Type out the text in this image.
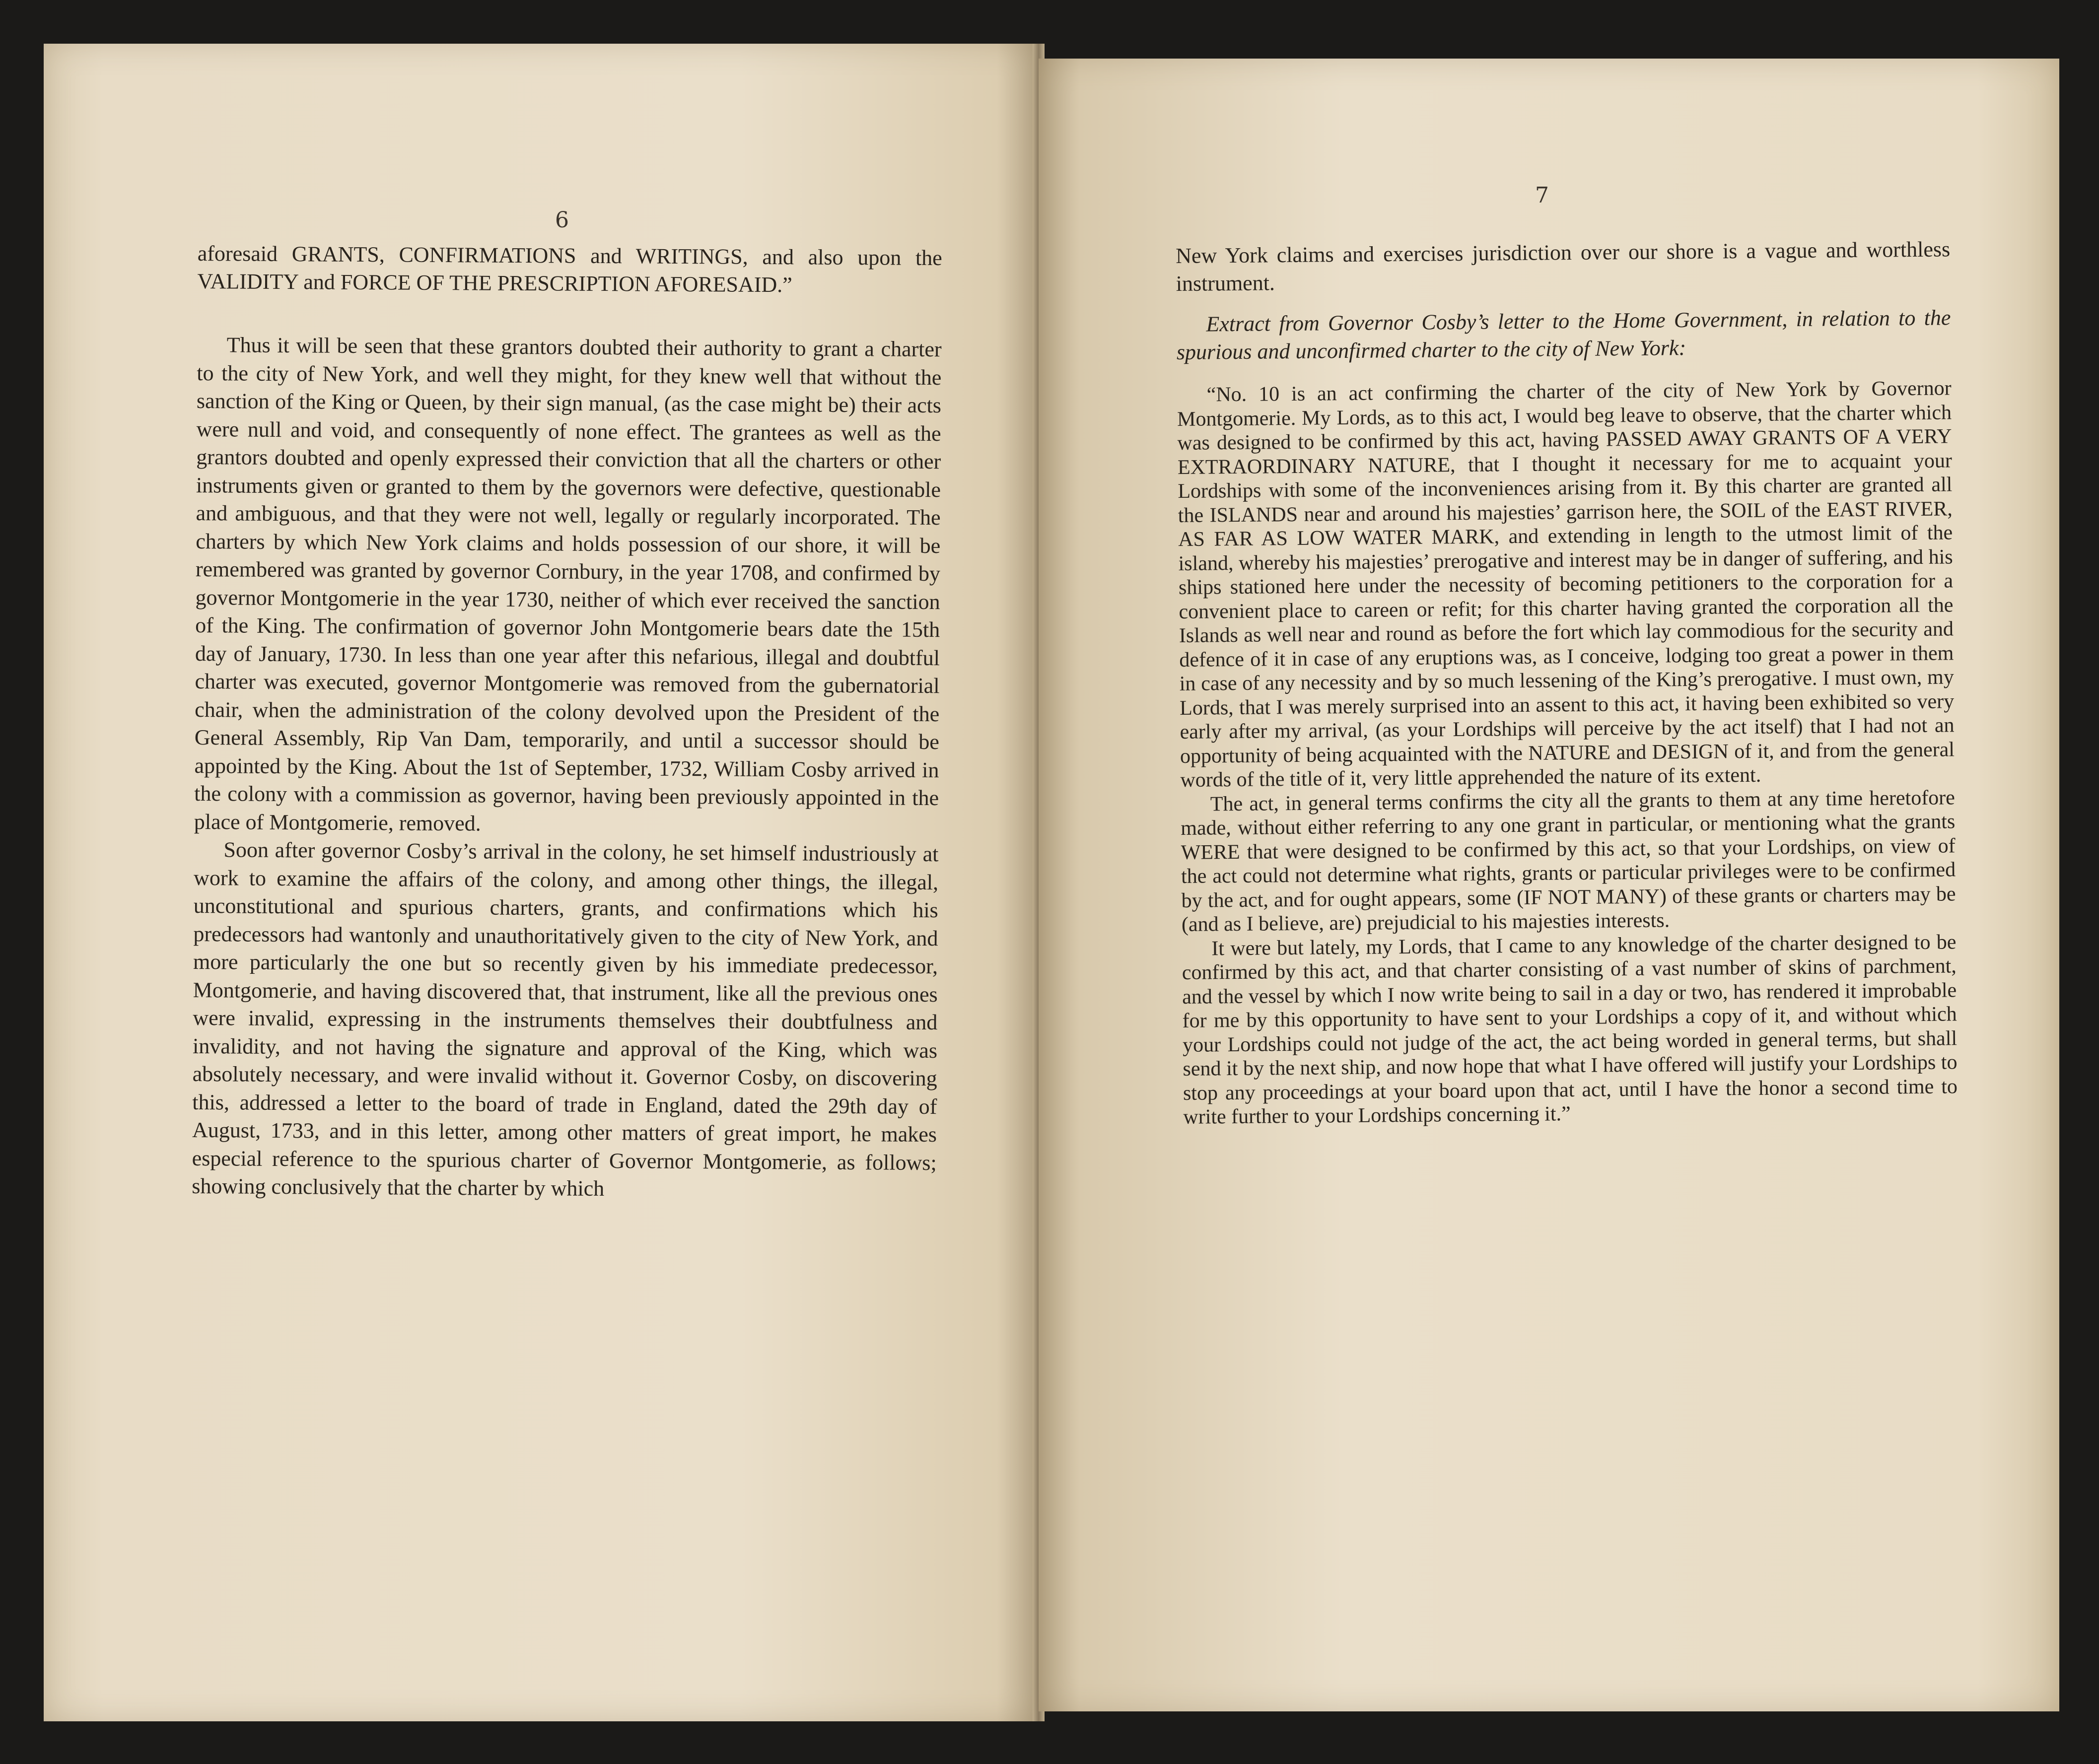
6

aforesaid GRANTS, CONFIRMATIONS and WRITINGS, and also upon the VALIDITY and FORCE OF THE PRESCRIPTION AFORESAID.”

Thus it will be seen that these grantors doubted their authority to grant a charter to the city of New York, and well they might, for they knew well that without the sanction of the King or Queen, by their sign manual, (as the case might be) their acts were null and void, and consequently of none effect. The grantees as well as the grantors doubted and openly expressed their conviction that all the charters or other instruments given or granted to them by the governors were defective, questionable and ambiguous, and that they were not well, legally or regularly incorporated. The charters by which New York claims and holds possession of our shore, it will be remembered was granted by governor Cornbury, in the year 1708, and confirmed by governor Montgomerie in the year 1730, neither of which ever received the sanction of the King. The confirmation of governor John Montgomerie bears date the 15th day of January, 1730. In less than one year after this nefarious, illegal and doubtful charter was executed, governor Montgomerie was removed from the gubernatorial chair, when the administration of the colony devolved upon the President of the General Assembly, Rip Van Dam, temporarily, and until a successor should be appointed by the King. About the 1st of September, 1732, William Cosby arrived in the colony with a commission as governor, having been previously appointed in the place of Montgomerie, removed.

Soon after governor Cosby’s arrival in the colony, he set himself industriously at work to examine the affairs of the colony, and among other things, the illegal, unconstitutional and spurious charters, grants, and confirmations which his predecessors had wantonly and unauthoritatively given to the city of New York, and more particularly the one but so recently given by his immediate predecessor, Montgomerie, and having discovered that, that instrument, like all the previous ones were invalid, expressing in the instruments themselves their doubtfulness and invalidity, and not having the signature and approval of the King, which was absolutely necessary, and were invalid without it. Governor Cosby, on discovering this, addressed a letter to the board of trade in England, dated the 29th day of August, 1733, and in this letter, among other matters of great import, he makes especial reference to the spurious charter of Governor Montgomerie, as follows; showing conclusively that the charter by which

7

New York claims and exercises jurisdiction over our shore is a vague and worthless instrument.

Extract from Governor Cosby’s letter to the Home Government, in relation to the spurious and unconfirmed charter to the city of New York:

“No. 10 is an act confirming the charter of the city of New York by Governor Montgomerie. My Lords, as to this act, I would beg leave to observe, that the charter which was designed to be confirmed by this act, having PASSED AWAY GRANTS OF A VERY EXTRAORDINARY NATURE, that I thought it necessary for me to acquaint your Lordships with some of the inconveniences arising from it. By this charter are granted all the ISLANDS near and around his majesties’ garrison here, the SOIL of the EAST RIVER, AS FAR AS LOW WATER MARK, and extending in length to the utmost limit of the island, whereby his majesties’ prerogative and interest may be in danger of suffering, and his ships stationed here under the necessity of becoming petitioners to the corporation for a convenient place to careen or refit; for this charter having granted the corporation all the Islands as well near and round as before the fort which lay commodious for the security and defence of it in case of any eruptions was, as I conceive, lodging too great a power in them in case of any necessity and by so much lessening of the King’s prerogative. I must own, my Lords, that I was merely surprised into an assent to this act, it having been exhibited so very early after my arrival, (as your Lordships will perceive by the act itself) that I had not an opportunity of being acquainted with the NATURE and DESIGN of it, and from the general words of the title of it, very little apprehended the nature of its extent.

The act, in general terms confirms the city all the grants to them at any time heretofore made, without either referring to any one grant in particular, or mentioning what the grants WERE that were designed to be confirmed by this act, so that your Lordships, on view of the act could not determine what rights, grants or particular privileges were to be confirmed by the act, and for ought appears, some (IF NOT MANY) of these grants or charters may be (and as I believe, are) prejudicial to his majesties interests.

It were but lately, my Lords, that I came to any knowledge of the charter designed to be confirmed by this act, and that charter consisting of a vast number of skins of parchment, and the vessel by which I now write being to sail in a day or two, has rendered it improbable for me by this opportunity to have sent to your Lordships a copy of it, and without which your Lordships could not judge of the act, the act being worded in general terms, but shall send it by the next ship, and now hope that what I have offered will justify your Lordships to stop any proceedings at your board upon that act, until I have the honor a second time to write further to your Lordships concerning it.”
